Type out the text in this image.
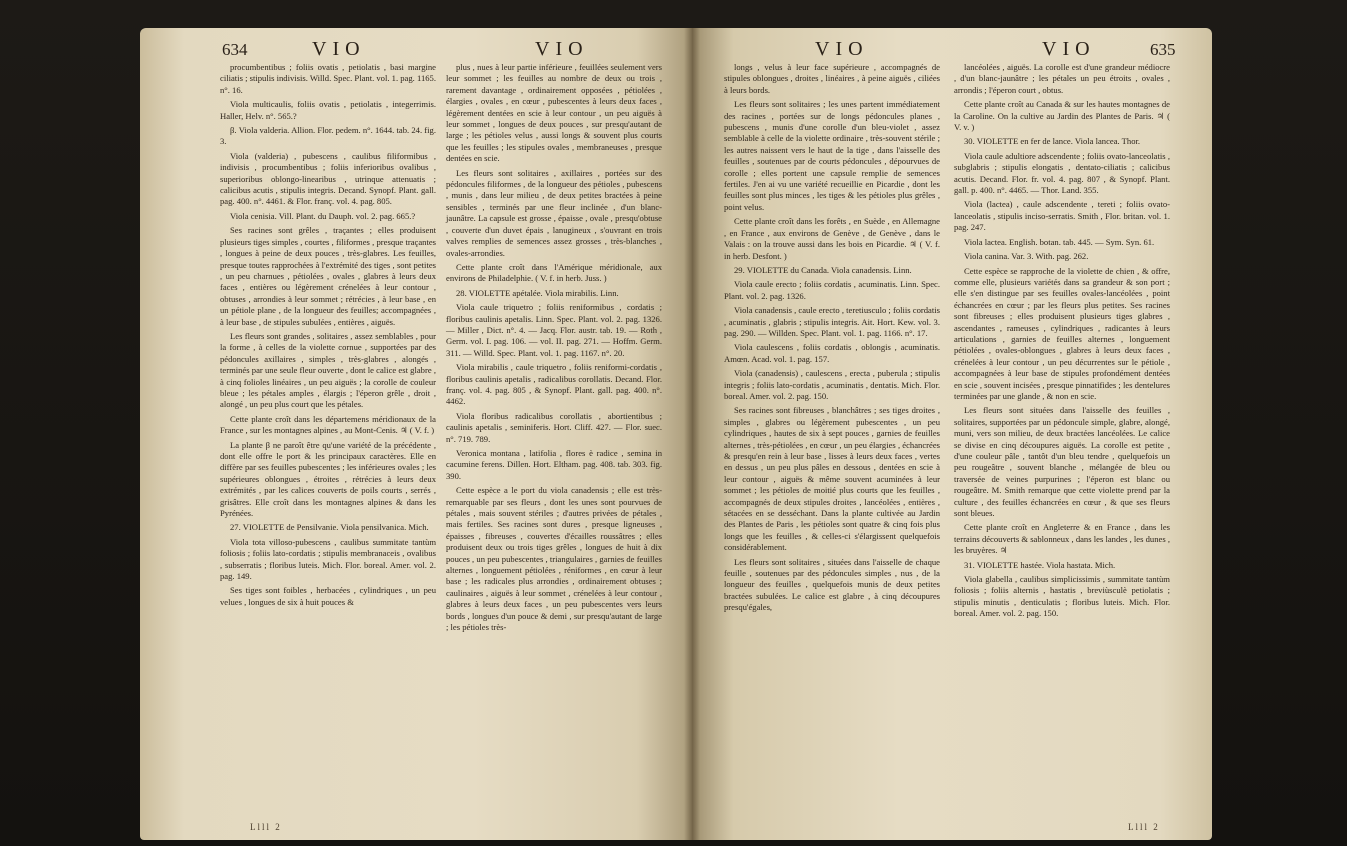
634	VIO	VIO	VIO	VIO	635

procumbentibus ; foliis ovatis , petiolatis , basi margine ciliatis ; stipulis indivisis. Willd. Spec. Plant. vol. 1. pag. 1165. n°. 16.

Viola multicaulis, foliis ovatis , petiolatis , integerrimis. Haller, Helv. n°. 565.?

β. Viola valderia. Allion. Flor. pedem. n°. 1644. tab. 24. fig. 3.

Viola (valderia) , pubescens , caulibus filiformibus , indivisis , procumbentibus ; foliis inferioribus ovalibus , superioribus oblongo-linearibus , utrinque attenuatis ; calicibus acutis , stipulis integris. Decand. Synopf. Plant. gall. pag. 400. n°. 4461. & Flor. franç. vol. 4. pag. 805.

Viola cenisia. Vill. Plant. du Dauph. vol. 2. pag. 665.?

Ses racines sont grêles , traçantes ; elles produisent plusieurs tiges simples , courtes , filiformes , presque traçantes , longues à peine de deux pouces , très-glabres. Les feuilles, presque toutes rapprochées à l'extrémité des tiges , sont petites , un peu charnues , pétiolées , ovales , glabres à leurs deux faces , entières ou légèrement crénelées à leur contour , obtuses , arrondies à leur sommet ; rétrécies , à leur base , en un pétiole plane , de la longueur des feuilles; accompagnées , à leur base , de stipules subulées , entières , aiguës.

Les fleurs sont grandes , solitaires , assez semblables , pour la forme , à celles de la violette cornue , supportées par des pédoncules axillaires , simples , très-glabres , alongés , terminés par une seule fleur ouverte , dont le calice est glabre , à cinq folioles linéaires , un peu aiguës ; la corolle de couleur bleue ; les pétales amples , élargis ; l'éperon grêle , droit , alongé , un peu plus court que les pétales.

Cette plante croît dans les départemens méridionaux de la France , sur les montagnes alpines , au Mont-Cenis. ♃ ( V. f. )

La plante β ne paroît être qu'une variété de la précédente , dont elle offre le port & les principaux caractères. Elle en diffère par ses feuilles pubescentes ; les inférieures ovales ; les supérieures oblongues , étroites , rétrécies à leurs deux extrémités , par les calices couverts de poils courts , serrés , grisâtres. Elle croît dans les montagnes alpines & dans les Pyrénées.

27. VIOLETTE de Pensilvanie. Viola pensilvanica. Mich.

Viola tota villoso-pubescens , caulibus summitate tantùm foliosis ; foliis lato-cordatis ; stipulis membranaceis , ovalibus , subserratis ; floribus luteis. Mich. Flor. boreal. Amer. vol. 2. pag. 149.

Ses tiges sont foibles , herbacées , cylindriques , un peu velues , longues de six à huit pouces &

plus , nues à leur partie inférieure , feuillées seulement vers leur sommet ; les feuilles au nombre de deux ou trois , rarement davantage , ordinairement opposées , pétiolées , élargies , ovales , en cœur , pubescentes à leurs deux faces , légèrement dentées en scie à leur contour , un peu aiguës à leur sommet , longues de deux pouces , sur presqu'autant de large ; les pétioles velus , aussi longs & souvent plus courts que les feuilles ; les stipules ovales , membraneuses , presque dentées en scie.

Les fleurs sont solitaires , axillaires , portées sur des pédoncules filiformes , de la longueur des pétioles , pubescens , munis , dans leur milieu , de deux petites bractées à peine sensibles , terminés par une fleur inclinée , d'un blanc-jaunâtre. La capsule est grosse , épaisse , ovale , presqu'obtuse , couverte d'un duvet épais , lanugineux , s'ouvrant en trois valves remplies de semences assez grosses , très-blanches , ovales-arrondies.

Cette plante croît dans l'Amérique méridionale, aux environs de Philadelphie. ( V. f. in herb. Juss. )

28. VIOLETTE apétalée. Viola mirabilis. Linn.

Viola caule triquetro ; foliis reniformibus , cordatis ; floribus caulinis apetalis. Linn. Spec. Plant. vol. 2. pag. 1326. — Miller , Dict. n°. 4. — Jacq. Flor. austr. tab. 19. — Roth , Germ. vol. I. pag. 106. — vol. II. pag. 271. — Hoffm. Germ. 311. — Willd. Spec. Plant. vol. 1. pag. 1167. n°. 20.

Viola mirabilis , caule triquetro , foliis reniformi-cordatis , floribus caulinis apetalis , radicalibus corollatis. Decand. Flor. franç. vol. 4. pag. 805 , & Synopf. Plant. gall. pag. 400. n°. 4462.

Viola floribus radicalibus corollatis , abortientibus ; caulinis apetalis , seminiferis. Hort. Cliff. 427. — Flor. suec. n°. 719. 789.

Veronica montana , latifolia , flores è radice , semina in cacumine ferens. Dillen. Hort. Eltham. pag. 408. tab. 303. fig. 390.

Cette espèce a le port du viola canadensis ; elle est très-remarquable par ses fleurs , dont les unes sont pourvues de pétales , mais souvent stériles ; d'autres privées de pétales , mais fertiles. Ses racines sont dures , presque ligneuses , épaisses , fibreuses , couvertes d'écailles roussâtres ; elles produisent deux ou trois tiges grêles , longues de huit à dix pouces , un peu pubescentes , triangulaires , garnies de feuilles alternes , longuement pétiolées , réniformes , en cœur à leur base ; les radicales plus arrondies , ordinairement obtuses ; caulinaires , aiguës à leur sommet , crénelées à leur contour , glabres à leurs deux faces , un peu pubescentes vers leurs bords , longues d'un pouce & demi , sur presqu'autant de large ; les pétioles très-

longs , velus à leur face supérieure , accompagnés de stipules oblongues , droites , linéaires , à peine aiguës , ciliées à leurs bords.

Les fleurs sont solitaires ; les unes partent immédiatement des racines , portées sur de longs pédoncules planes , pubescens , munis d'une corolle d'un bleu-violet , assez semblable à celle de la violette ordinaire , très-souvent stérile ; les autres naissent vers le haut de la tige , dans l'aisselle des feuilles , soutenues par de courts pédoncules , dépourvues de corolle ; elles portent une capsule remplie de semences fertiles. J'en ai vu une variété recueillie en Picardie , dont les feuilles sont plus minces , les tiges & les pétioles plus grêles , point velus.

Cette plante croît dans les forêts , en Suède , en Allemagne , en France , aux environs de Genève , de Genève , dans le Valais : on la trouve aussi dans les bois en Picardie. ♃ ( V. f. in herb. Desfont. )

29. VIOLETTE du Canada. Viola canadensis. Linn.

Viola caule erecto ; foliis cordatis , acuminatis. Linn. Spec. Plant. vol. 2. pag. 1326.

Viola canadensis , caule erecto , teretiusculo ; foliis cordatis , acuminatis , glabris ; stipulis integris. Ait. Hort. Kew. vol. 3. pag. 290. — Willden. Spec. Plant. vol. 1. pag. 1166. n°. 17.

Viola caulescens , foliis cordatis , oblongis , acuminatis. Amœn. Acad. vol. 1. pag. 157.

Viola (canadensis) , caulescens , erecta , puberula ; stipulis integris ; foliis lato-cordatis , acuminatis , dentatis. Mich. Flor. boreal. Amer. vol. 2. pag. 150.

Ses racines sont fibreuses , blanchâtres ; ses tiges droites , simples , glabres ou légèrement pubescentes , un peu cylindriques , hautes de six à sept pouces , garnies de feuilles alternes , très-pétiolées , en cœur , un peu élargies , échancrées & presqu'en rein à leur base , lisses à leurs deux faces , vertes en dessus , un peu plus pâles en dessous , dentées en scie à leur contour , aiguës & même souvent acuminées à leur sommet ; les pétioles de moitié plus courts que les feuilles , accompagnés de deux stipules droites , lancéolées , entières , sétacées en se desséchant. Dans la plante cultivée au Jardin des Plantes de Paris , les pétioles sont quatre & cinq fois plus longs que les feuilles , & celles-ci s'élargissent quelquefois considérablement.

Les fleurs sont solitaires , situées dans l'aisselle de chaque feuille , soutenues par des pédoncules simples , nus , de la longueur des feuilles , quelquefois munis de deux petites bractées subulées. Le calice est glabre , à cinq découpures presqu'égales,

lancéolées , aiguës. La corolle est d'une grandeur médiocre , d'un blanc-jaunâtre ; les pétales un peu étroits , ovales , arrondis ; l'éperon court , obtus.

Cette plante croît au Canada & sur les hautes montagnes de la Caroline. On la cultive au Jardin des Plantes de Paris. ♃ ( V. v. )

30. VIOLETTE en fer de lance. Viola lancea. Thor.

Viola caule adultiore adscendente ; foliis ovato-lanceolatis , subglabris ; stipulis elongatis , dentato-ciliatis ; calicibus acutis. Decand. Flor. fr. vol. 4. pag. 807 , & Synopf. Plant. gall. p. 400. n°. 4465. — Thor. Land. 355.

Viola (lactea) , caule adscendente , tereti ; foliis ovato-lanceolatis , stipulis inciso-serratis. Smith , Flor. britan. vol. 1. pag. 247.

Viola lactea. English. botan. tab. 445. — Sym. Syn. 61.

Viola canina. Var. 3. With. pag. 262.

Cette espèce se rapproche de la violette de chien , & offre, comme elle, plusieurs variétés dans sa grandeur & son port ; elle s'en distingue par ses feuilles ovales-lancéolées , point échancrées en cœur ; par les fleurs plus petites. Ses racines sont fibreuses ; elles produisent plusieurs tiges glabres , ascendantes , rameuses , cylindriques , radicantes à leurs articulations , garnies de feuilles alternes , longuement pétiolées , ovales-oblongues , glabres à leurs deux faces , crénelées à leur contour , un peu décurrentes sur le pétiole , accompagnées à leur base de stipules profondément dentées en scie , souvent incisées , presque pinnatifides ; les dentelures terminées par une glande , & non en scie.

Les fleurs sont situées dans l'aisselle des feuilles , solitaires, supportées par un pédoncule simple, glabre, alongé, muni, vers son milieu, de deux bractées lancéolées. Le calice se divise en cinq découpures aiguës. La corolle est petite , d'une couleur pâle , tantôt d'un bleu tendre , quelquefois un peu rougeâtre , souvent blanche , mélangée de bleu ou traversée de veines purpurines ; l'éperon est blanc ou rougeâtre. M. Smith remarque que cette violette prend par la culture , des feuilles échancrées en cœur , & que ses fleurs sont bleues.

Cette plante croît en Angleterre & en France , dans les terrains découverts & sablonneux , dans les landes , les dunes , les bruyères. ♃

31. VIOLETTE hastée. Viola hastata. Mich.

Viola glabella , caulibus simplicissimis , summitate tantùm foliosis ; foliis alternis , hastatis , breviùsculè petiolatis ; stipulis minutis , denticulatis ; floribus luteis. Mich. Flor. boreal. Amer. vol. 2. pag. 150.

Llll 2	Llll 2
